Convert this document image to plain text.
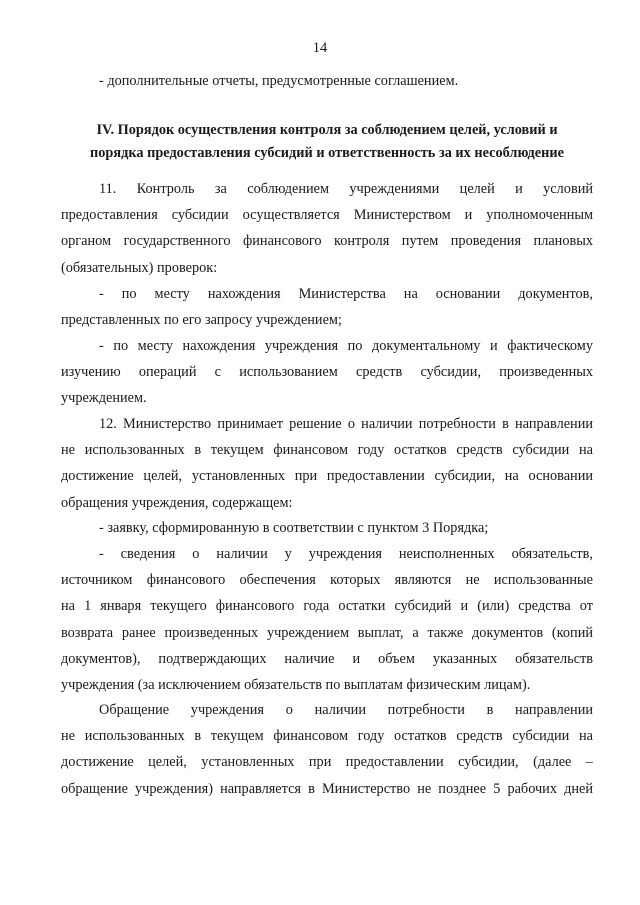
14
- дополнительные отчеты, предусмотренные соглашением.
IV. Порядок осуществления контроля за соблюдением целей, условий и
порядка предоставления субсидий и ответственность за их несоблюдение
11. Контроль за соблюдением учреждениями целей и условий
предоставления субсидии осуществляется Министерством и уполномоченным
органом государственного финансового контроля путем проведения плановых
(обязательных) проверок:
- по месту нахождения Министерства на основании документов,
представленных по его запросу учреждением;
- по месту нахождения учреждения по документальному и фактическому
изучению операций с использованием средств субсидии, произведенных
учреждением.
12. Министерство принимает решение о наличии потребности в направлении
не использованных в текущем финансовом году остатков средств субсидии на
достижение целей, установленных при предоставлении субсидии, на основании
обращения учреждения, содержащем:
- заявку, сформированную в соответствии с пунктом 3 Порядка;
- сведения о наличии у учреждения неисполненных обязательств,
источником финансового обеспечения которых являются не использованные
на 1 января текущего финансового года остатки субсидий и (или) средства от
возврата ранее произведенных учреждением выплат, а также документов (копий
документов), подтверждающих наличие и объем указанных обязательств
учреждения (за исключением обязательств по выплатам физическим лицам).
Обращение учреждения о наличии потребности в направлении
не использованных в текущем финансовом году остатков средств субсидии на
достижение целей, установленных при предоставлении субсидии, (далее –
обращение учреждения) направляется в Министерство не позднее 5 рабочих дней
